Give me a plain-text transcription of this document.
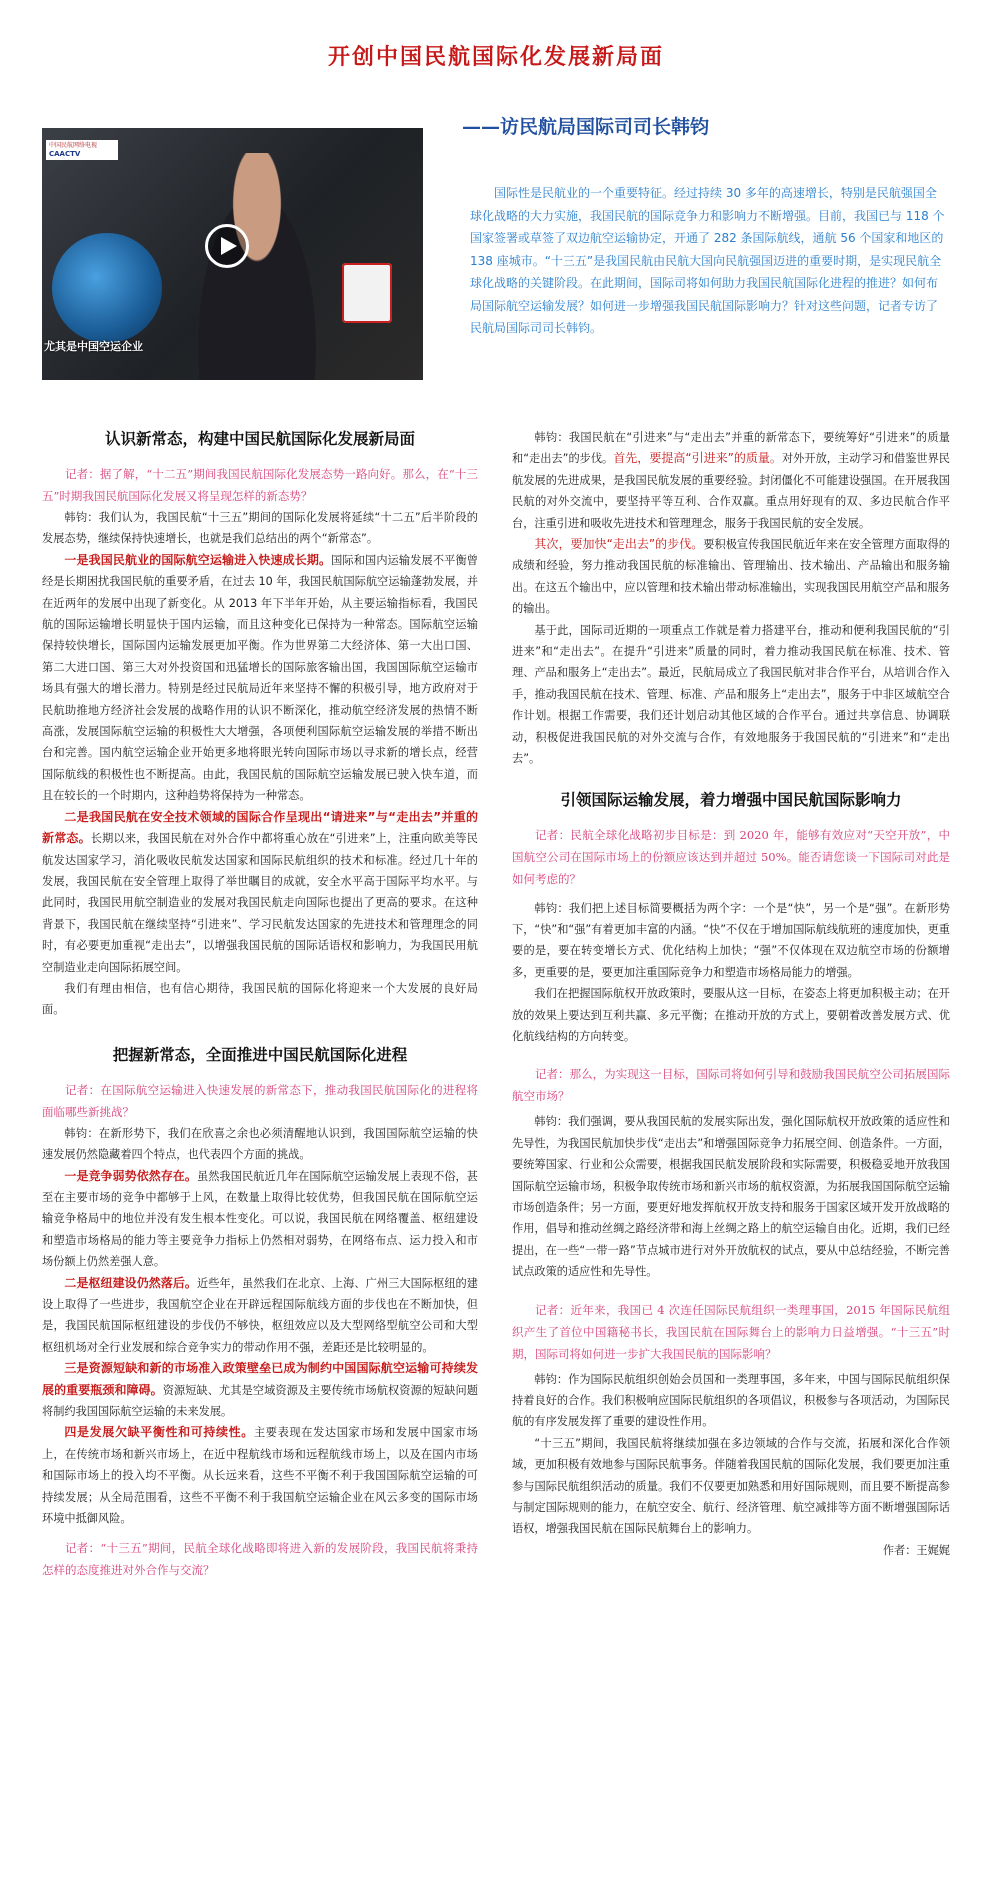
开创中国民航国际化发展新局面
——访民航局国际司司长韩钧
中国民航网络电视
CAACTV
尤其是中国空运企业

国际性是民航业的一个重要特征。经过持续 30 多年的高速增长，特别是民航强国全球化战略的大力实施，我国民航的国际竞争力和影响力不断增强。目前，我国已与 118 个国家签署或草签了双边航空运输协定，开通了 282 条国际航线，通航 56 个国家和地区的 138 座城市。“十三五”是我国民航由民航大国向民航强国迈进的重要时期，是实现民航全球化战略的关键阶段。在此期间，国际司将如何助力我国民航国际化进程的推进？如何布局国际航空运输发展？如何进一步增强我国民航国际影响力？针对这些问题，记者专访了民航局国际司司长韩钧。

认识新常态，构建中国民航国际化发展新局面

记者：据了解，“十二五”期间我国民航国际化发展态势一路向好。那么，在“十三五”时期我国民航国际化发展又将呈现怎样的新态势？

韩钧：我们认为，我国民航“十三五”期间的国际化发展将延续“十二五”后半阶段的发展态势，继续保持快速增长，也就是我们总结出的两个“新常态”。

一是我国民航业的国际航空运输进入快速成长期。国际和国内运输发展不平衡曾经是长期困扰我国民航的重要矛盾，在过去 10 年，我国民航国际航空运输蓬勃发展，并在近两年的发展中出现了新变化。从 2013 年下半年开始，从主要运输指标看，我国民航的国际运输增长明显快于国内运输，而且这种变化已保持为一种常态。国际航空运输保持较快增长，国际国内运输发展更加平衡。作为世界第二大经济体、第一大出口国、第二大进口国、第三大对外投资国和迅猛增长的国际旅客输出国，我国国际航空运输市场具有强大的增长潜力。特别是经过民航局近年来坚持不懈的积极引导，地方政府对于民航助推地方经济社会发展的战略作用的认识不断深化，推动航空经济发展的热情不断高涨，发展国际航空运输的积极性大大增强，各项便利国际航空运输发展的举措不断出台和完善。国内航空运输企业开始更多地将眼光转向国际市场以寻求新的增长点，经营国际航线的积极性也不断提高。由此，我国民航的国际航空运输发展已驶入快车道，而且在较长的一个时期内，这种趋势将保持为一种常态。

二是我国民航在安全技术领域的国际合作呈现出“请进来”与“走出去”并重的新常态。长期以来，我国民航在对外合作中都将重心放在“引进来”上，注重向欧美等民航发达国家学习，消化吸收民航发达国家和国际民航组织的技术和标准。经过几十年的发展，我国民航在安全管理上取得了举世瞩目的成就，安全水平高于国际平均水平。与此同时，我国民用航空制造业的发展对我国民航走向国际也提出了更高的要求。在这种背景下，我国民航在继续坚持“引进来”、学习民航发达国家的先进技术和管理理念的同时，有必要更加重视“走出去”，以增强我国民航的国际话语权和影响力，为我国民用航空制造业走向国际拓展空间。

我们有理由相信，也有信心期待，我国民航的国际化将迎来一个大发展的良好局面。

把握新常态，全面推进中国民航国际化进程

记者：在国际航空运输进入快速发展的新常态下，推动我国民航国际化的进程将面临哪些新挑战？

韩钧：在新形势下，我们在欣喜之余也必须清醒地认识到，我国国际航空运输的快速发展仍然隐藏着四个特点，也代表四个方面的挑战。

一是竞争弱势依然存在。虽然我国民航近几年在国际航空运输发展上表现不俗，甚至在主要市场的竞争中都够于上风，在数量上取得比较优势，但我国民航在国际航空运输竞争格局中的地位并没有发生根本性变化。可以说，我国民航在网络覆盖、枢纽建设和塑造市场格局的能力等主要竞争力指标上仍然相对弱势，在网络布点、运力投入和市场份额上仍然差强人意。

二是枢纽建设仍然落后。近些年，虽然我们在北京、上海、广州三大国际枢纽的建设上取得了一些进步，我国航空企业在开辟远程国际航线方面的步伐也在不断加快，但是，我国民航国际枢纽建设的步伐仍不够快，枢纽效应以及大型网络型航空公司和大型枢纽机场对全行业发展和综合竞争实力的带动作用不强，差距还是比较明显的。

三是资源短缺和新的市场准入政策壁垒已成为制约中国国际航空运输可持续发展的重要瓶颈和障碍。资源短缺、尤其是空域资源及主要传统市场航权资源的短缺问题将制约我国国际航空运输的未来发展。

四是发展欠缺平衡性和可持续性。主要表现在发达国家市场和发展中国家市场上，在传统市场和新兴市场上，在近中程航线市场和远程航线市场上，以及在国内市场和国际市场上的投入均不平衡。从长远来看，这些不平衡不利于我国国际航空运输的可持续发展；从全局范围看，这些不平衡不利于我国航空运输企业在风云多变的国际市场环境中抵御风险。

记者：“十三五”期间，民航全球化战略即将进入新的发展阶段，我国民航将秉持怎样的态度推进对外合作与交流？

韩钧：我国民航在“引进来”与“走出去”并重的新常态下，要统筹好“引进来”的质量和“走出去”的步伐。首先，要提高“引进来”的质量。对外开放，主动学习和借鉴世界民航发展的先进成果，是我国民航发展的重要经验。封闭僵化不可能建设强国。在开展我国民航的对外交流中，要坚持平等互利、合作双赢。重点用好现有的双、多边民航合作平台，注重引进和吸收先进技术和管理理念，服务于我国民航的安全发展。

其次，要加快“走出去”的步伐。要积极宣传我国民航近年来在安全管理方面取得的成绩和经验，努力推动我国民航的标准输出、管理输出、技术输出、产品输出和服务输出。在这五个输出中，应以管理和技术输出带动标准输出，实现我国民用航空产品和服务的输出。

基于此，国际司近期的一项重点工作就是着力搭建平台，推动和便利我国民航的“引进来”和“走出去”。在提升“引进来”质量的同时，着力推动我国民航在标准、技术、管理、产品和服务上“走出去”。最近，民航局成立了我国民航对非合作平台，从培训合作入手，推动我国民航在技术、管理、标准、产品和服务上“走出去”，服务于中非区域航空合作计划。根据工作需要，我们还计划启动其他区域的合作平台。通过共享信息、协调联动，积极促进我国民航的对外交流与合作，有效地服务于我国民航的“引进来”和“走出去”。

引领国际运输发展，着力增强中国民航国际影响力

记者：民航全球化战略初步目标是：到 2020 年，能够有效应对“天空开放”，中国航空公司在国际市场上的份额应该达到并超过 50%。能否请您谈一下国际司对此是如何考虑的？

韩钧：我们把上述目标简要概括为两个字：一个是“快”，另一个是“强”。在新形势下，“快”和“强”有着更加丰富的内涵。“快”不仅在于增加国际航线航班的速度加快，更重要的是，要在转变增长方式、优化结构上加快；“强”不仅体现在双边航空市场的份额增多，更重要的是，要更加注重国际竞争力和塑造市场格局能力的增强。

我们在把握国际航权开放政策时，要服从这一目标，在姿态上将更加积极主动；在开放的效果上要达到互利共赢、多元平衡；在推动开放的方式上，要朝着改善发展方式、优化航线结构的方向转变。

记者：那么，为实现这一目标，国际司将如何引导和鼓励我国民航空公司拓展国际航空市场？

韩钧：我们强调，要从我国民航的发展实际出发，强化国际航权开放政策的适应性和先导性，为我国民航加快步伐“走出去”和增强国际竞争力拓展空间、创造条件。一方面，要统筹国家、行业和公众需要，根据我国民航发展阶段和实际需要，积极稳妥地开放我国国际航空运输市场，积极争取传统市场和新兴市场的航权资源，为拓展我国国际航空运输市场创造条件；另一方面，要更好地发挥航权开放支持和服务于国家区域开发开放战略的作用，倡导和推动丝绸之路经济带和海上丝绸之路上的航空运输自由化。近期，我们已经提出，在一些“一带一路”节点城市进行对外开放航权的试点，要从中总结经验，不断完善试点政策的适应性和先导性。

记者：近年来，我国已 4 次连任国际民航组织一类理事国，2015 年国际民航组织产生了首位中国籍秘书长，我国民航在国际舞台上的影响力日益增强。“十三五”时期，国际司将如何进一步扩大我国民航的国际影响？

韩钧：作为国际民航组织创始会员国和一类理事国，多年来，中国与国际民航组织保持着良好的合作。我们积极响应国际民航组织的各项倡议，积极参与各项活动，为国际民航的有序发展发挥了重要的建设性作用。

“十三五”期间，我国民航将继续加强在多边领域的合作与交流，拓展和深化合作领域，更加积极有效地参与国际民航事务。伴随着我国民航的国际化发展，我们要更加注重参与国际民航组织活动的质量。我们不仅要更加熟悉和用好国际规则，而且要不断提高参与制定国际规则的能力，在航空安全、航行、经济管理、航空减排等方面不断增强国际话语权，增强我国民航在国际民航舞台上的影响力。

作者：王娓娓
